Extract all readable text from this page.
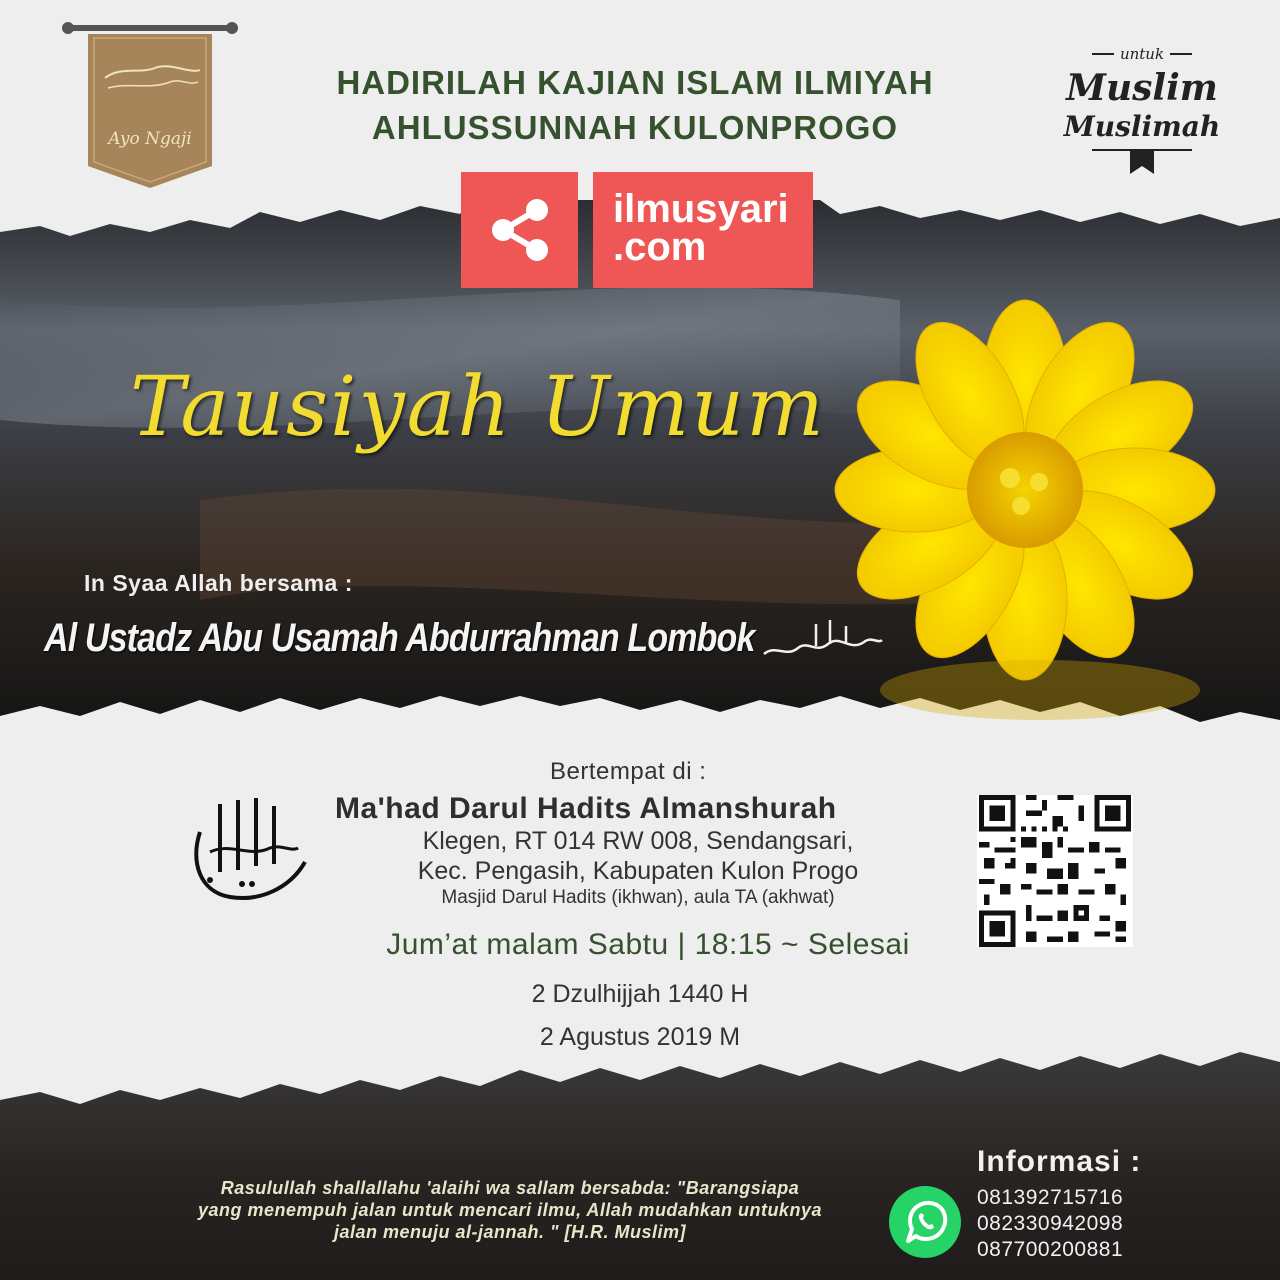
HADIRILAH KAJIAN ISLAM ILMIYAH
AHLUSSUNNAH KULONPROGO
Ayo Ngaji
untuk
Muslim
Muslimah
ilmusyari
.com
Tausiyah Umum
In Syaa Allah bersama :
Al Ustadz Abu Usamah Abdurrahman Lombok
Bertempat di :
Ma'had Darul Hadits Almanshurah
Klegen, RT 014 RW 008, Sendangsari,
Kec. Pengasih, Kabupaten Kulon Progo
Masjid Darul Hadits (ikhwan), aula TA (akhwat)
Jum’at malam Sabtu | 18:15 ~ Selesai
2 Dzulhijjah 1440 H
2 Agustus 2019 M
Rasulullah shallallahu 'alaihi wa sallam bersabda: "Barangsiapa
yang menempuh jalan untuk mencari ilmu, Allah mudahkan untuknya
jalan menuju al-jannah. " [H.R. Muslim]
Informasi :
081392715716
082330942098
087700200881
